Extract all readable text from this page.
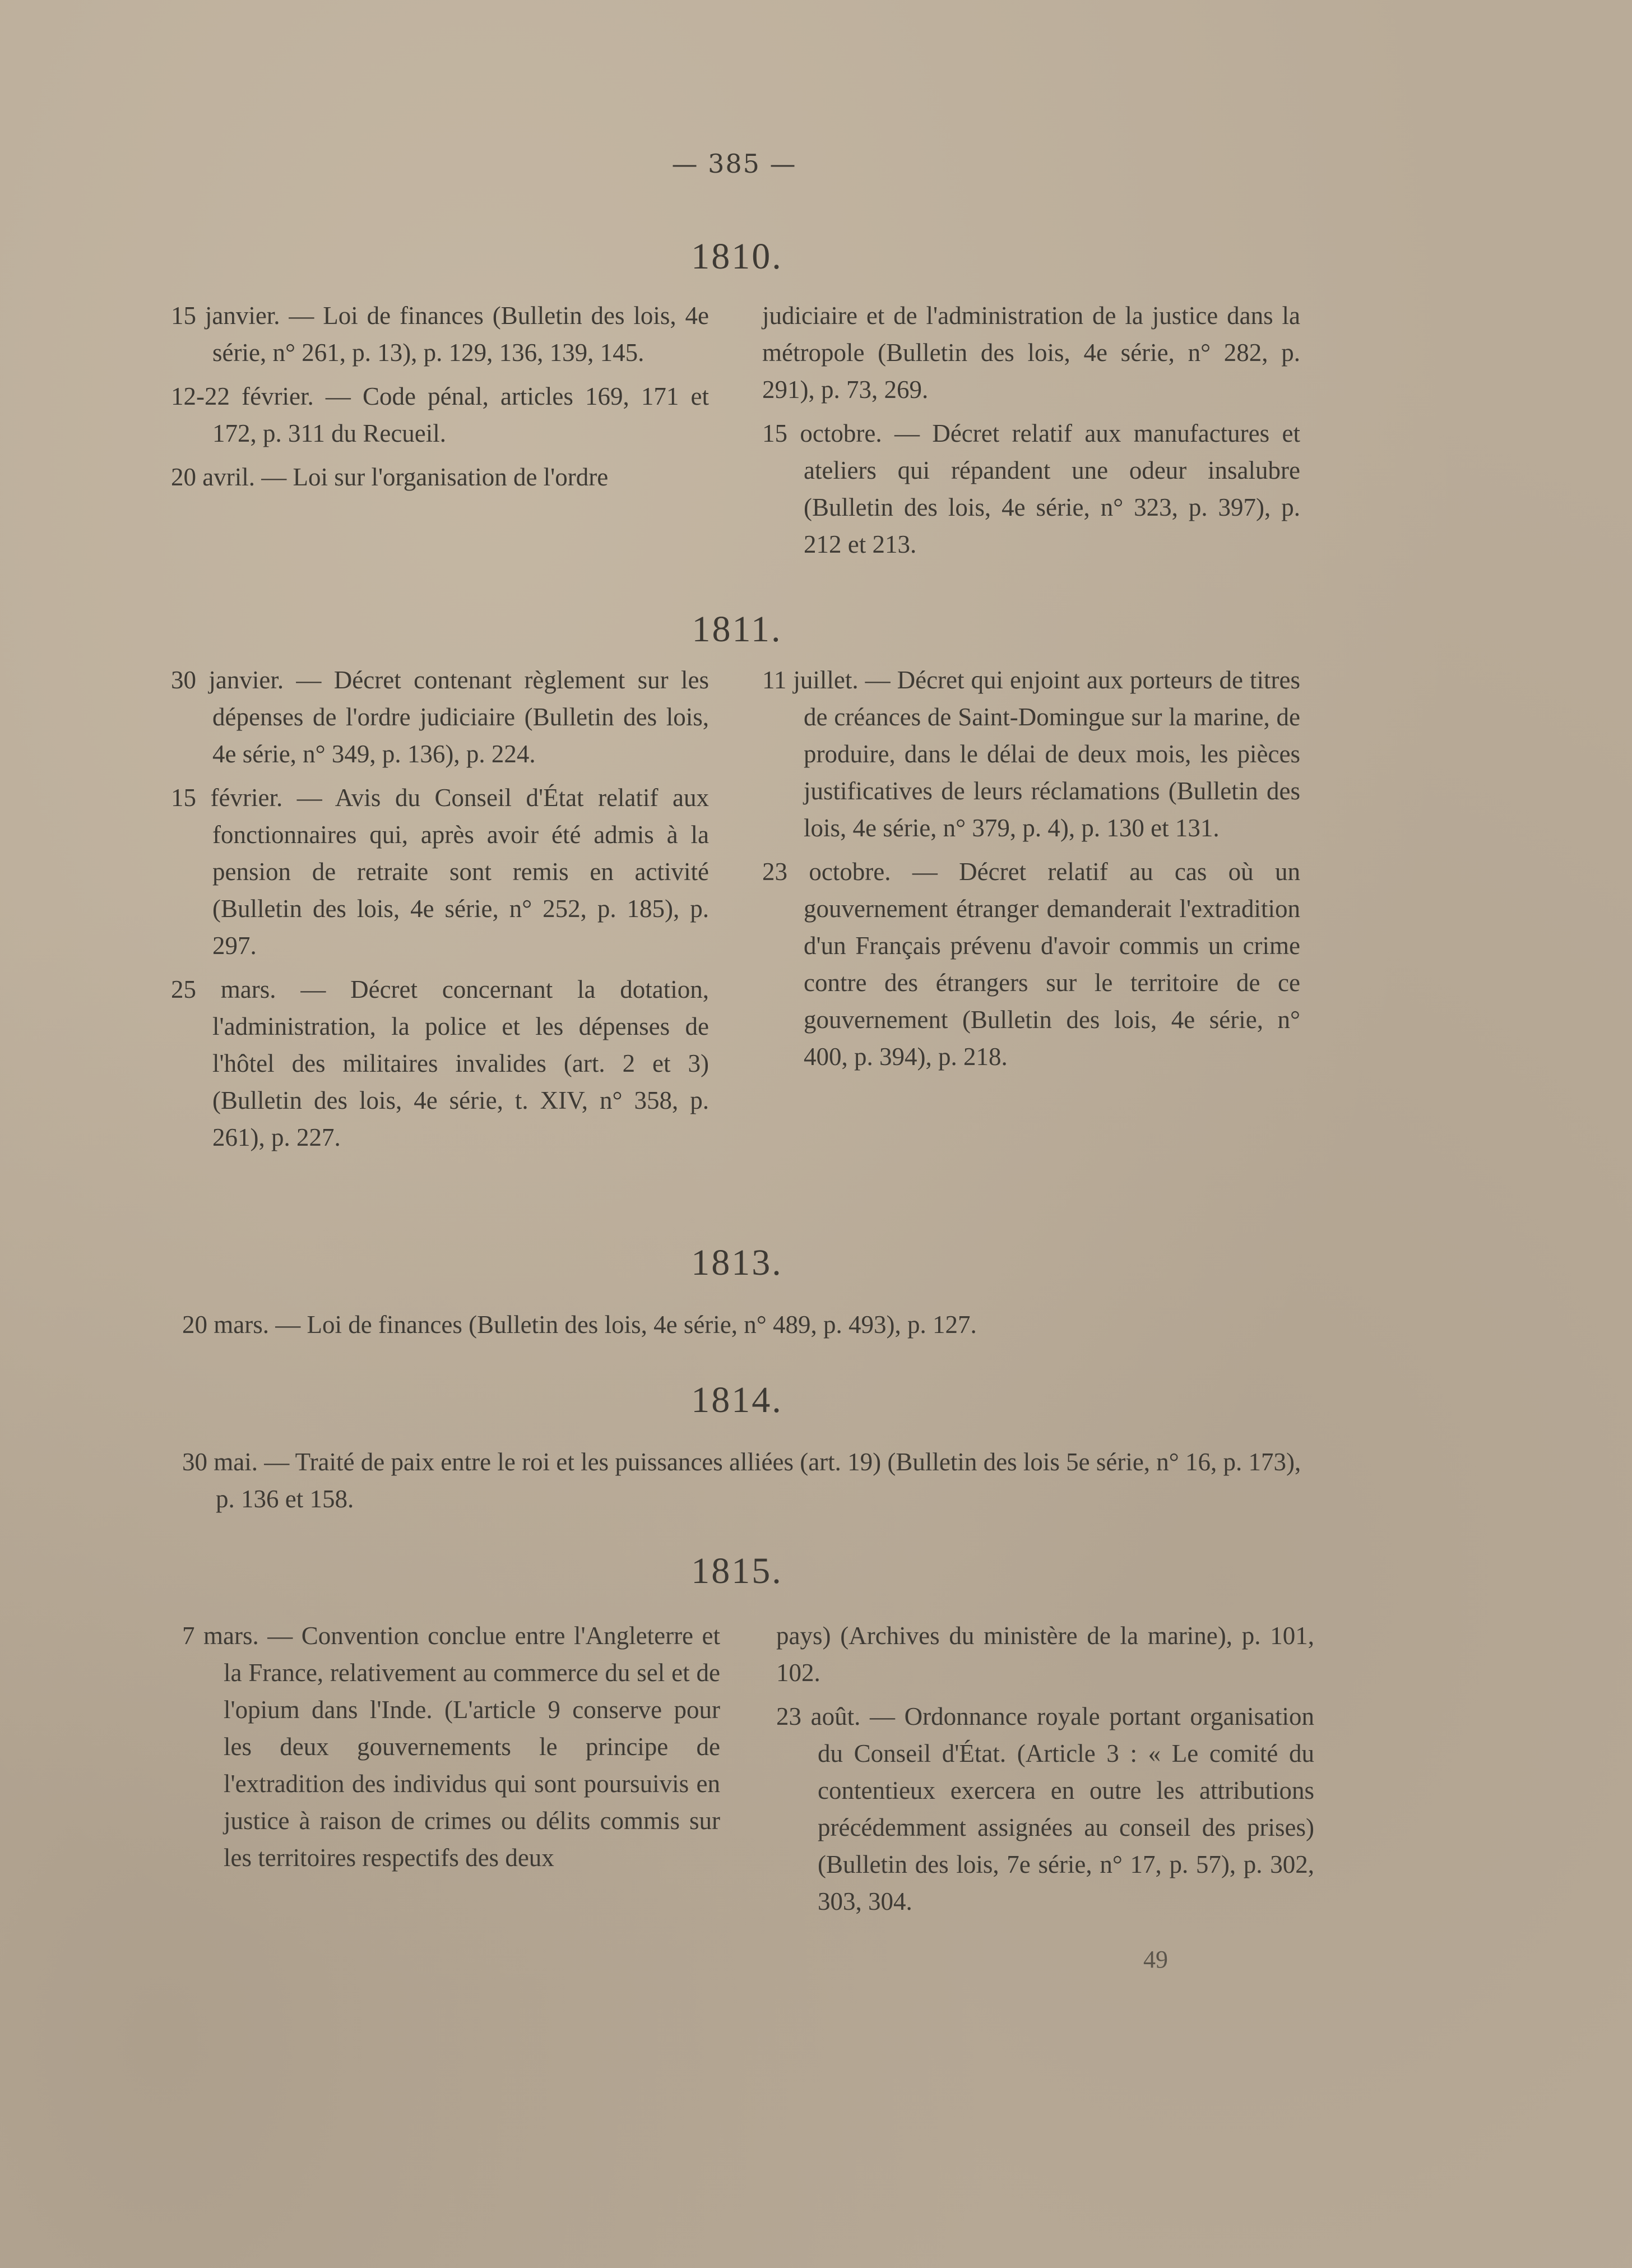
— 385 —
1810.

15 janvier. — Loi de finances (Bulletin des lois, 4e série, n° 261, p. 13), p. 129, 136, 139, 145.

12-22 février. — Code pénal, articles 169, 171 et 172, p. 311 du Recueil.

20 avril. — Loi sur l'organisation de l'ordre

judiciaire et de l'administration de la justice dans la métropole (Bulletin des lois, 4e série, n° 282, p. 291), p. 73, 269.

15 octobre. — Décret relatif aux manufactures et ateliers qui répandent une odeur insalubre (Bulletin des lois, 4e série, n° 323, p. 397), p. 212 et 213.

1811.

30 janvier. — Décret contenant règlement sur les dépenses de l'ordre judiciaire (Bulletin des lois, 4e série, n° 349, p. 136), p. 224.

15 février. — Avis du Conseil d'État relatif aux fonctionnaires qui, après avoir été admis à la pension de retraite sont remis en activité (Bulletin des lois, 4e série, n° 252, p. 185), p. 297.

25 mars. — Décret concernant la dotation, l'administration, la police et les dépenses de l'hôtel des militaires invalides (art. 2 et 3) (Bulletin des lois, 4e série, t. XIV, n° 358, p. 261), p. 227.

11 juillet. — Décret qui enjoint aux porteurs de titres de créances de Saint-Domingue sur la marine, de produire, dans le délai de deux mois, les pièces justificatives de leurs réclamations (Bulletin des lois, 4e série, n° 379, p. 4), p. 130 et 131.

23 octobre. — Décret relatif au cas où un gouvernement étranger demanderait l'extradition d'un Français prévenu d'avoir commis un crime contre des étrangers sur le territoire de ce gouvernement (Bulletin des lois, 4e série, n° 400, p. 394), p. 218.

1813.
20 mars. — Loi de finances (Bulletin des lois, 4e série, n° 489, p. 493), p. 127.
1814.
30 mai. — Traité de paix entre le roi et les puissances alliées (art. 19) (Bulletin des lois 5e série, n° 16, p. 173), p. 136 et 158.
1815.

7 mars. — Convention conclue entre l'Angleterre et la France, relativement au commerce du sel et de l'opium dans l'Inde. (L'article 9 conserve pour les deux gouvernements le principe de l'extradition des individus qui sont poursuivis en justice à raison de crimes ou délits commis sur les territoires respectifs des deux

pays) (Archives du ministère de la marine), p. 101, 102.

23 août. — Ordonnance royale portant organisation du Conseil d'État. (Article 3 : « Le comité du contentieux exercera en outre les attributions précédemment assignées au conseil des prises) (Bulletin des lois, 7e série, n° 17, p. 57), p. 302, 303, 304.

49
